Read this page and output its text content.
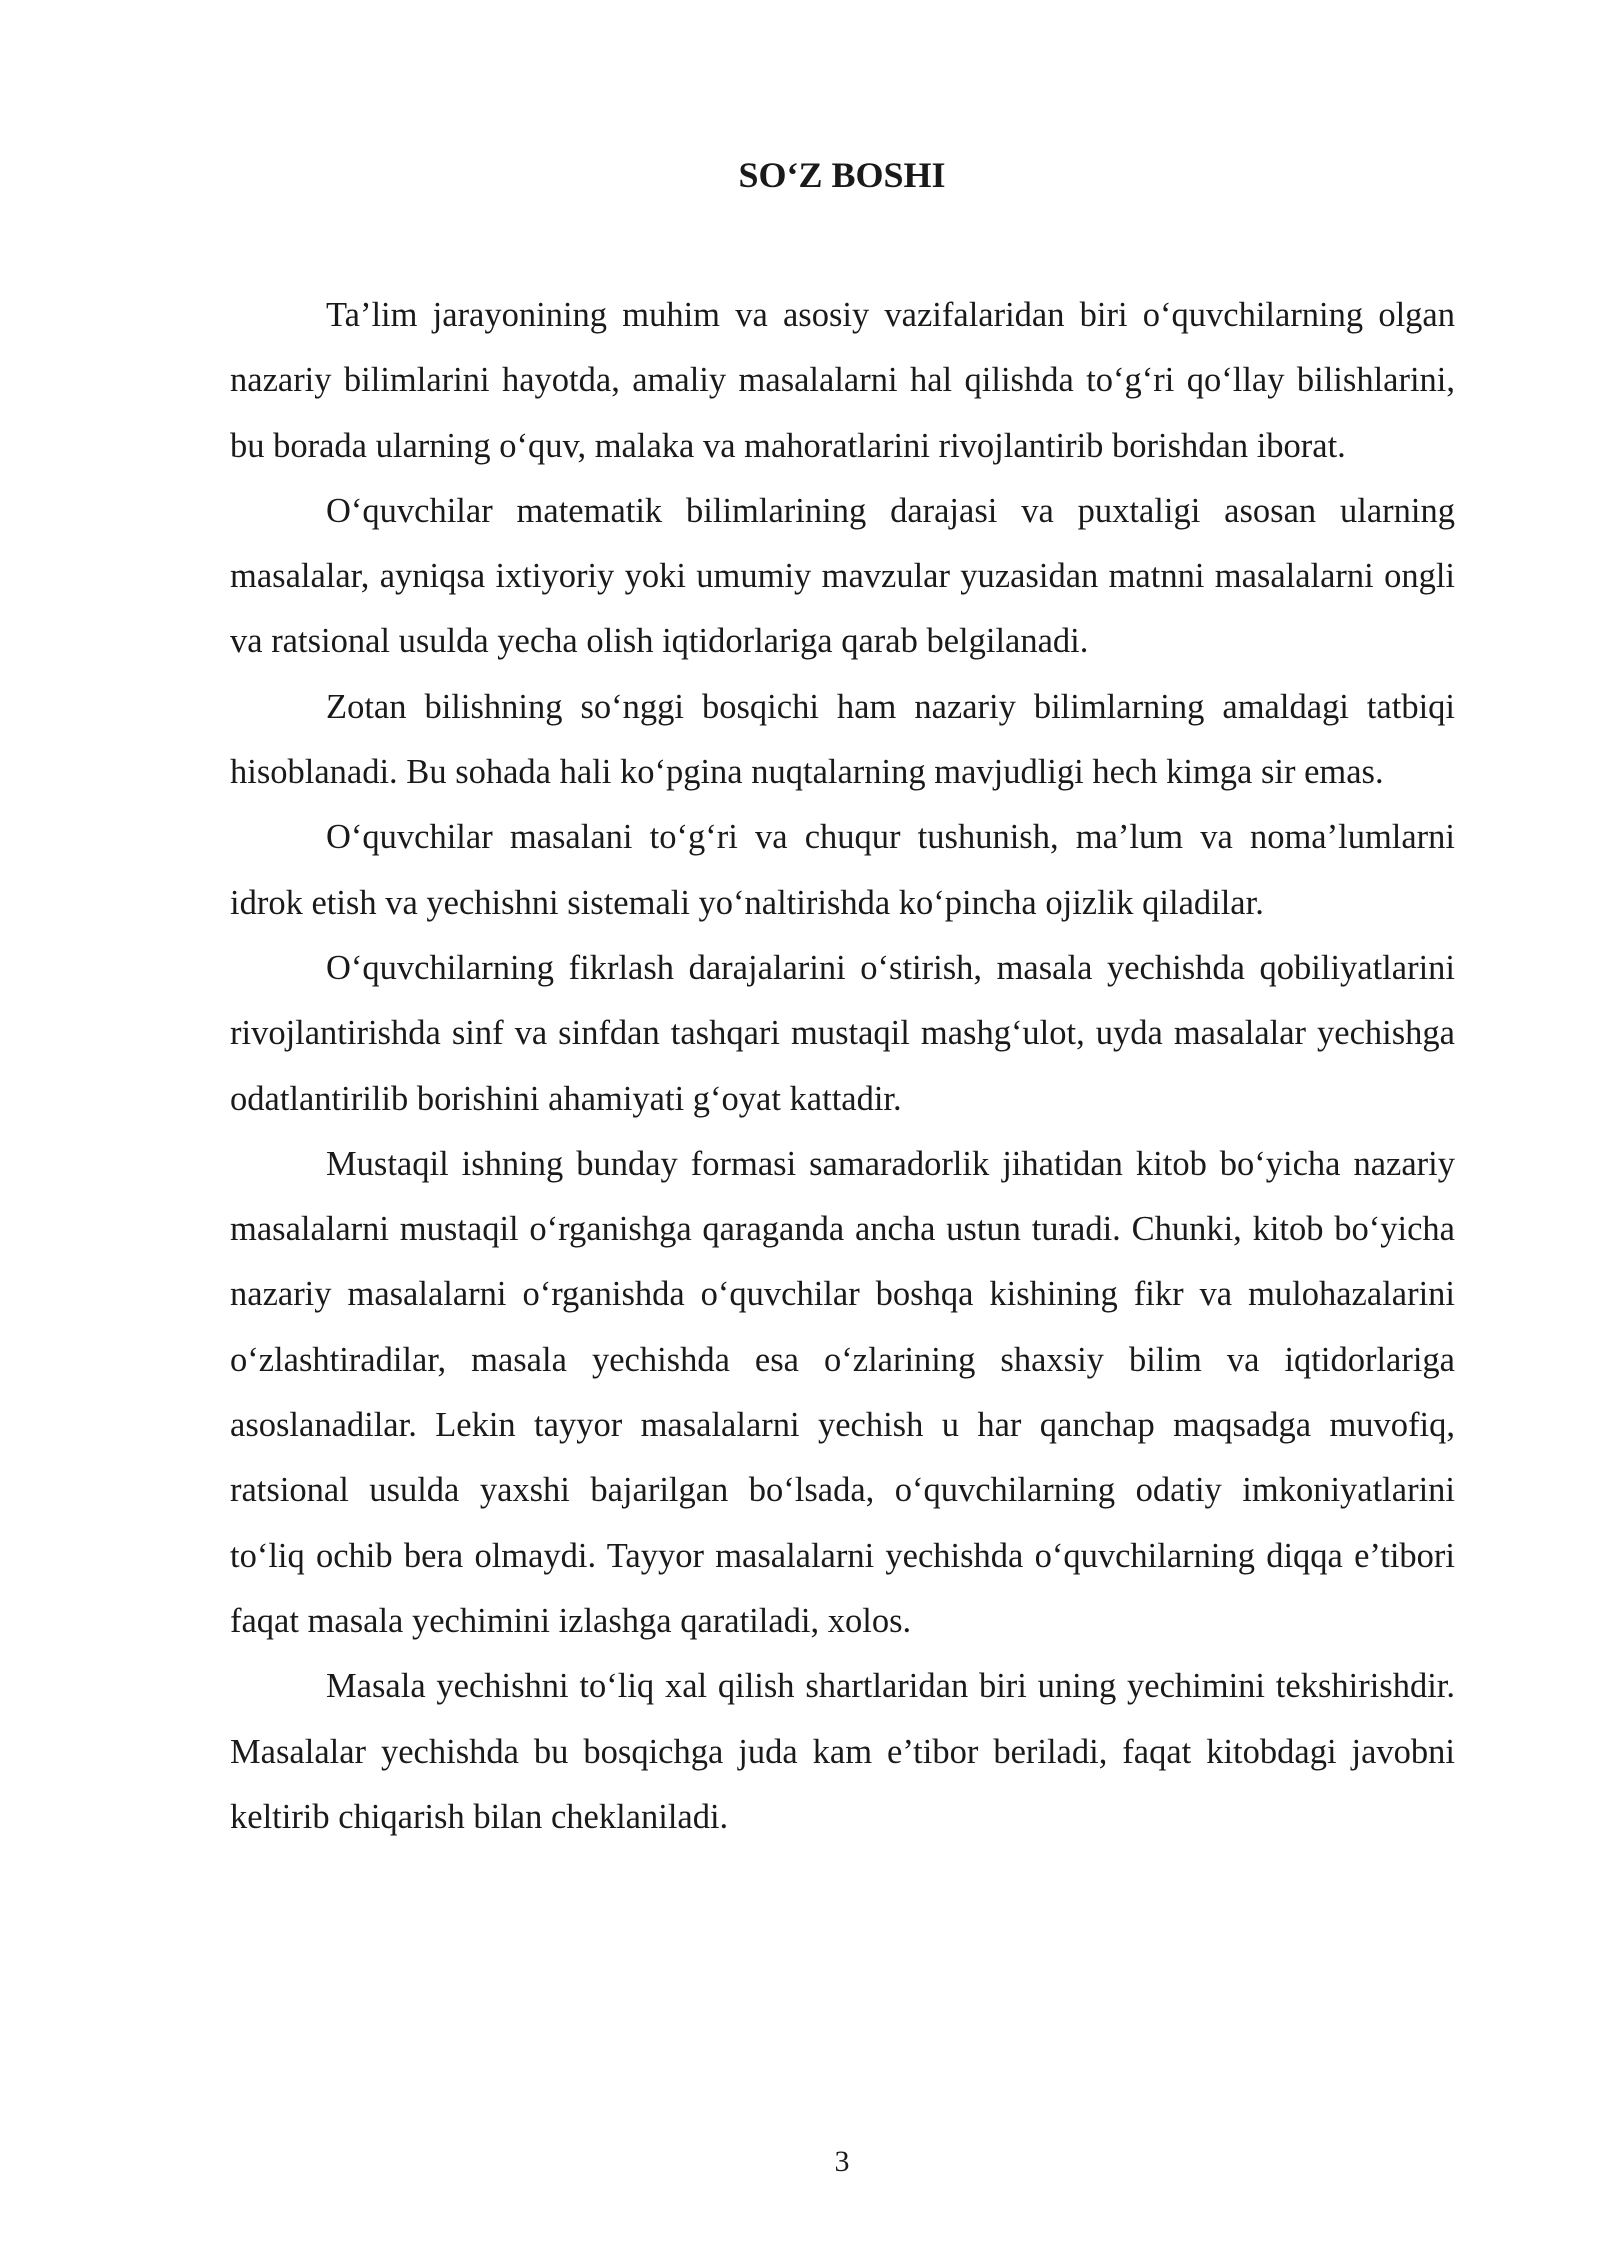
SO‘Z BOSHI

Ta’lim jarayonining muhim va asosiy vazifalaridan biri o‘quvchilarning olgan nazariy bilimlarini hayotda, amaliy masalalarni hal qilishda to‘g‘ri qo‘llay bilishlarini, bu borada ularning o‘quv, malaka va mahoratlarini rivojlantirib borishdan iborat.

O‘quvchilar matematik bilimlarining darajasi va puxtaligi asosan ularning masalalar, ayniqsa ixtiyoriy yoki umumiy mavzular yuzasidan matnni masalalarni ongli va ratsional usulda yecha olish iqtidorlariga qarab belgilanadi.

Zotan bilishning so‘nggi bosqichi ham nazariy bilimlarning amaldagi tatbiqi hisoblanadi. Bu sohada hali ko‘pgina nuqtalarning mavjudligi hech kimga sir emas.

O‘quvchilar masalani to‘g‘ri va chuqur tushunish, ma’lum va noma’lumlarni idrok etish va yechishni sistemali yo‘naltirishda ko‘pincha ojizlik qiladilar.

O‘quvchilarning fikrlash darajalarini o‘stirish, masala yechishda qobiliyatlarini rivojlantirishda sinf va sinfdan tashqari mustaqil mashg‘ulot, uyda masalalar yechishga odatlantirilib borishini ahamiyati g‘oyat kattadir.

Mustaqil ishning bunday formasi samaradorlik jihatidan kitob bo‘yicha nazariy masalalarni mustaqil o‘rganishga qaraganda ancha ustun turadi. Chunki, kitob bo‘yicha nazariy masalalarni o‘rganishda o‘quvchilar boshqa kishining fikr va mulohazalarini o‘zlashtiradilar, masala yechishda esa o‘zlarining shaxsiy bilim va iqtidorlariga asoslanadilar. Lekin tayyor masalalarni yechish u har qanchap maqsadga muvofiq, ratsional usulda yaxshi bajarilgan bo‘lsada, o‘quvchilarning odatiy imkoniyatlarini to‘liq ochib bera olmaydi. Tayyor masalalarni yechishda o‘quvchilarning diqqa e’tibori faqat masala yechimini izlashga qaratiladi, xolos.

Masala yechishni to‘liq xal qilish shartlaridan biri uning yechimini tekshirishdir. Masalalar yechishda bu bosqichga juda kam e’tibor beriladi, faqat kitobdagi javobni keltirib chiqarish bilan cheklaniladi.

3
